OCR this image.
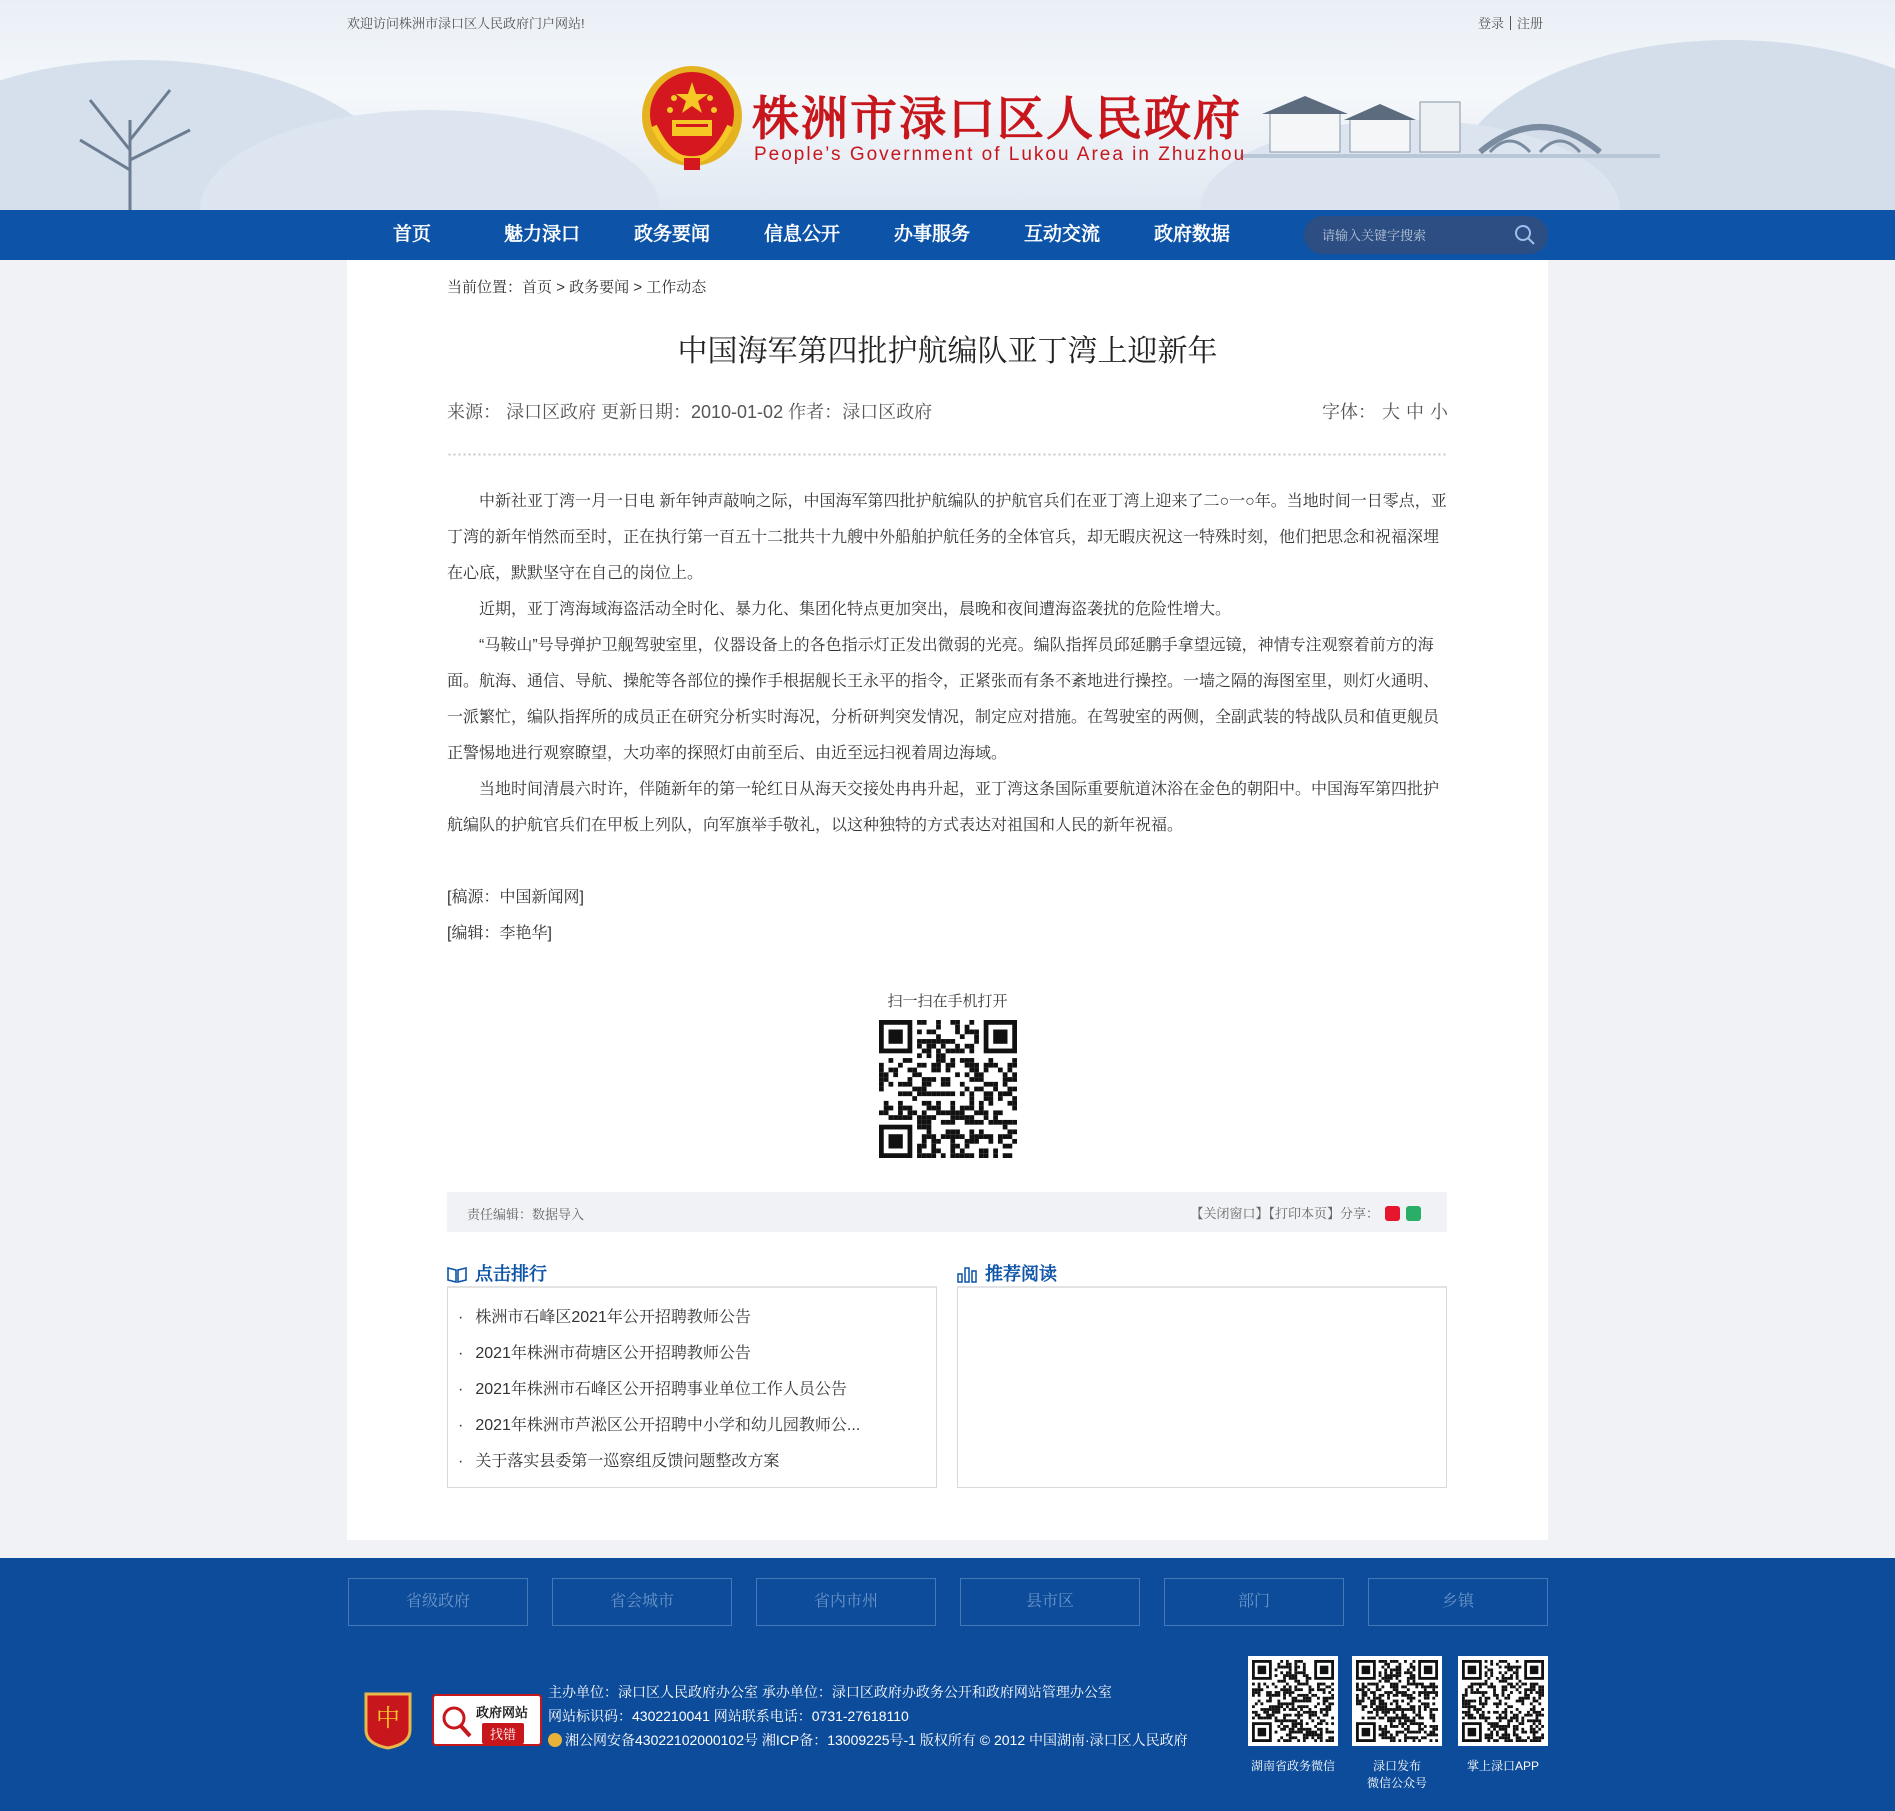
欢迎访问株洲市渌口区人民政府门户网站!	登录 注册
株洲市渌口区人民政府
People’s Government of Lukou Area in Zhuzhou
首页	魅力渌口	政务要闻	信息公开	办事服务	互动交流	政府数据
请输入关键字搜索
当前位置：首页 > 政务要闻 > 工作动态
中国海军第四批护航编队亚丁湾上迎新年
来源： 渌口区政府 更新日期：2010-01-02 作者：渌口区政府	字体： 大 中 小

中新社亚丁湾一月一日电 新年钟声敲响之际，中国海军第四批护航编队的护航官兵们在亚丁湾上迎来了二○一○年。当地时间一日零点，亚丁湾的新年悄然而至时，正在执行第一百五十二批共十九艘中外船舶护航任务的全体官兵，却无暇庆祝这一特殊时刻，他们把思念和祝福深埋在心底，默默坚守在自己的岗位上。

近期，亚丁湾海域海盗活动全时化、暴力化、集团化特点更加突出，晨晚和夜间遭海盗袭扰的危险性增大。

“马鞍山”号导弹护卫舰驾驶室里，仪器设备上的各色指示灯正发出微弱的光亮。编队指挥员邱延鹏手拿望远镜，神情专注观察着前方的海面。航海、通信、导航、操舵等各部位的操作手根据舰长王永平的指令，正紧张而有条不紊地进行操控。一墙之隔的海图室里，则灯火通明、一派繁忙，编队指挥所的成员正在研究分析实时海况，分析研判突发情况，制定应对措施。在驾驶室的两侧，全副武装的特战队员和值更舰员正警惕地进行观察瞭望，大功率的探照灯由前至后、由近至远扫视着周边海域。

当地时间清晨六时许，伴随新年的第一轮红日从海天交接处冉冉升起，亚丁湾这条国际重要航道沐浴在金色的朝阳中。中国海军第四批护航编队的护航官兵们在甲板上列队，向军旗举手敬礼，以这种独特的方式表达对祖国和人民的新年祝福。

[稿源：中国新闻网]

[编辑：李艳华]

扫一扫在手机打开
责任编辑：数据导入	【关闭窗口】【打印本页】分享：
点击排行
· 株洲市石峰区2021年公开招聘教师公告
· 2021年株洲市荷塘区公开招聘教师公告
· 2021年株洲市石峰区公开招聘事业单位工作人员公告
· 2021年株洲市芦淞区公开招聘中小学和幼儿园教师公...
· 关于落实县委第一巡察组反馈问题整改方案
推荐阅读
省级政府	省会城市	省内市州	县市区	部门	乡镇
中	政府网站
找错
主办单位：渌口区人民政府办公室 承办单位：渌口区政府办政务公开和政府网站管理办公室
网站标识码：4302210041 网站联系电话：0731-27618110
湘公网安备43022102000102号 湘ICP备：13009225号-1 版权所有 © 2012 中国湖南·渌口区人民政府
湖南省政务微信	渌口发布
微信公众号
掌上渌口APP
